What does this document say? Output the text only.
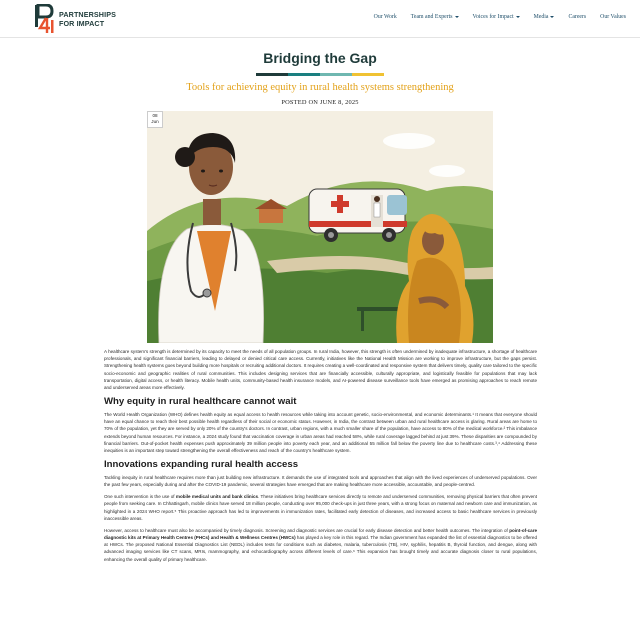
PARTNERSHIPS
FOR IMPACT
Our Work Team and Experts	Voices for Impact	Media	Careers Our Values
Bridging the Gap
Tools for achieving equity in rural health systems strengthening
POSTED ON JUNE 8, 2025
08
Jun

A healthcare system's strength is determined by its capacity to meet the needs of all population groups. In rural India, however, this strength is often undermined by inadequate infrastructure, a shortage of healthcare professionals, and significant financial barriers, leading to delayed or denied critical care access. Currently, initiatives like the National Health Mission are working to improve infrastructure, but the gaps persist. Strengthening health systems goes beyond building more hospitals or recruiting additional doctors. It requires creating a well-coordinated and responsive system that delivers timely, quality care tailored to the specific socio-economic and geographic realities of rural communities. This includes designing services that are financially accessible, culturally appropriate, and logistically feasible for populations that may lack transportation, digital access, or health literacy. Mobile health units, community-based health insurance models, and AI-powered disease surveillance tools have emerged as promising approaches to reach remote and underserved areas more effectively.

Why equity in rural healthcare cannot wait

The World Health Organization (WHO) defines health equity as equal access to health resources while taking into account genetic, socio-environmental, and economic determinants.¹ It means that everyone should have an equal chance to reach their best possible health regardless of their social or economic status. However, in India, the contrast between urban and rural healthcare access is glaring. Rural areas are home to 70% of the population, yet they are served by only 20% of the country's doctors. In contrast, urban regions, with a much smaller share of the population, have access to 80% of the medical workforce.² This imbalance extends beyond human resources. For instance, a 2024 study found that vaccination coverage in urban areas had reached 58%, while rural coverage lagged behind at just 39%. These disparities are compounded by financial barriers. Out-of-pocket health expenses push approximately 39 million people into poverty each year, and an additional 55 million fall below the poverty line due to healthcare costs.³,⁴ Addressing these inequities is an important step toward strengthening the overall effectiveness and reach of the country's healthcare system.

Innovations expanding rural health access

Tackling inequity in rural healthcare requires more than just building new infrastructure. It demands the use of integrated tools and approaches that align with the lived experiences of underserved populations. Over the past few years, especially during and after the COVID-19 pandemic, several strategies have emerged that are making healthcare more accessible, accountable, and people-centred.

One such intervention is the use of mobile medical units and bank clinics. These initiatives bring healthcare services directly to remote and underserved communities, removing physical barriers that often prevent people from seeking care. In Chhattisgarh, mobile clinics have served 18 million people, conducting over 95,000 check-ups in just three years, with a strong focus on maternal and newborn care and immunization, as highlighted in a 2024 WHO report.⁵ This proactive approach has led to improvements in immunization rates, facilitated early detection of diseases, and increased access to basic healthcare services in previously inaccessible areas.

However, access to healthcare must also be accompanied by timely diagnosis. Screening and diagnostic services are crucial for early disease detection and better health outcomes. The integration of point-of-care diagnostic kits at Primary Health Centres (PHCs) and Health & Wellness Centres (HWCs) has played a key role in this regard. The Indian government has expanded the list of essential diagnostics to be offered at HWCs. The proposed National Essential Diagnostics List (NEDL) includes tests for conditions such as diabetes, malaria, tuberculosis (TB), HIV, syphilis, hepatitis B, thyroid function, and dengue, along with advanced imaging services like CT scans, MRIs, mammography, and echocardiography across different levels of care.⁶ This expansion has brought timely and accurate diagnosis closer to rural populations, enhancing the overall quality of primary healthcare.
